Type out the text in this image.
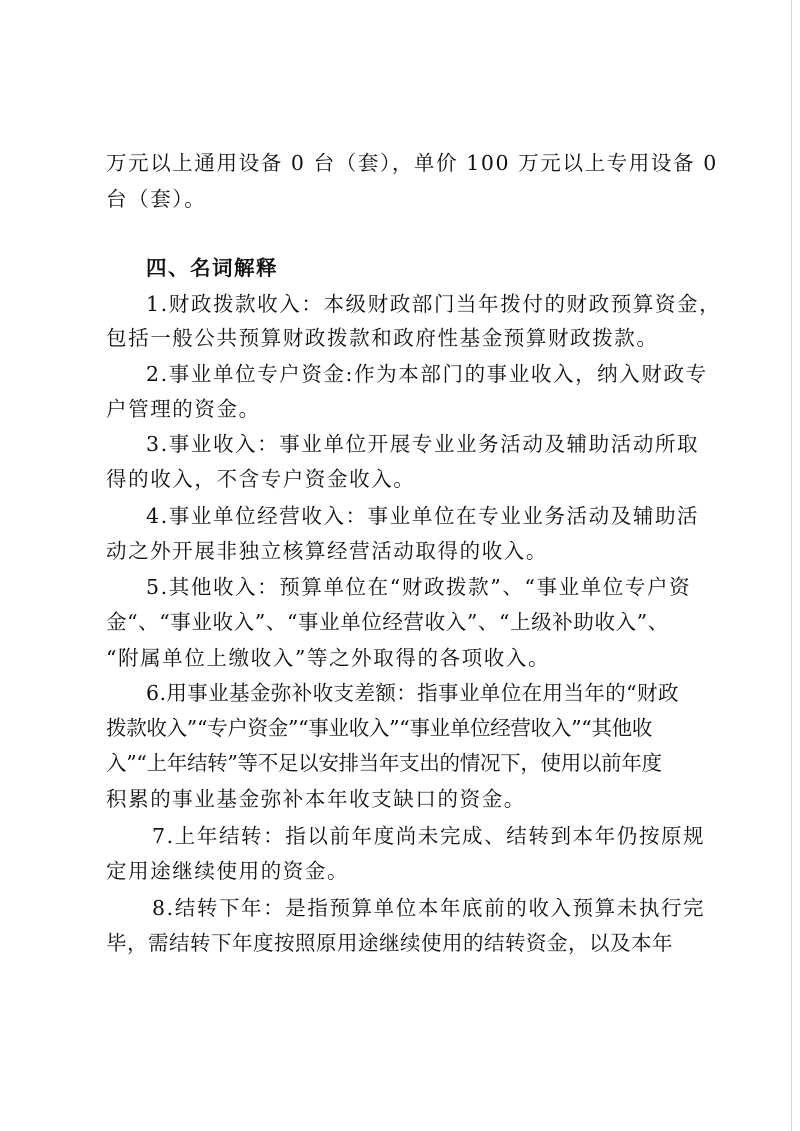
万元以上通用设备 0 台（套），单价 100 万元以上专用设备 0
台（套）。
四、名词解释
1.财政拨款收入：本级财政部门当年拨付的财政预算资金，
包括一般公共预算财政拨款和政府性基金预算财政拨款。
2.事业单位专户资金:作为本部门的事业收入，纳入财政专
户管理的资金。
3.事业收入：事业单位开展专业业务活动及辅助活动所取
得的收入，不含专户资金收入。
4.事业单位经营收入：事业单位在专业业务活动及辅助活
动之外开展非独立核算经营活动取得的收入。
5.其他收入：预算单位在“财政拨款”、“事业单位专户资
金“、“事业收入”、“事业单位经营收入”、“上级补助收入”、
“附属单位上缴收入”等之外取得的各项收入。
6.用事业基金弥补收支差额：指事业单位在用当年的“财政
拨款收入”“专户资金”“事业收入”“事业单位经营收入”“其他收
入”“上年结转”等不足以安排当年支出的情况下，使用以前年度
积累的事业基金弥补本年收支缺口的资金。
7.上年结转：指以前年度尚未完成、结转到本年仍按原规
定用途继续使用的资金。
8.结转下年：是指预算单位本年底前的收入预算未执行完
毕，需结转下年度按照原用途继续使用的结转资金，以及本年
